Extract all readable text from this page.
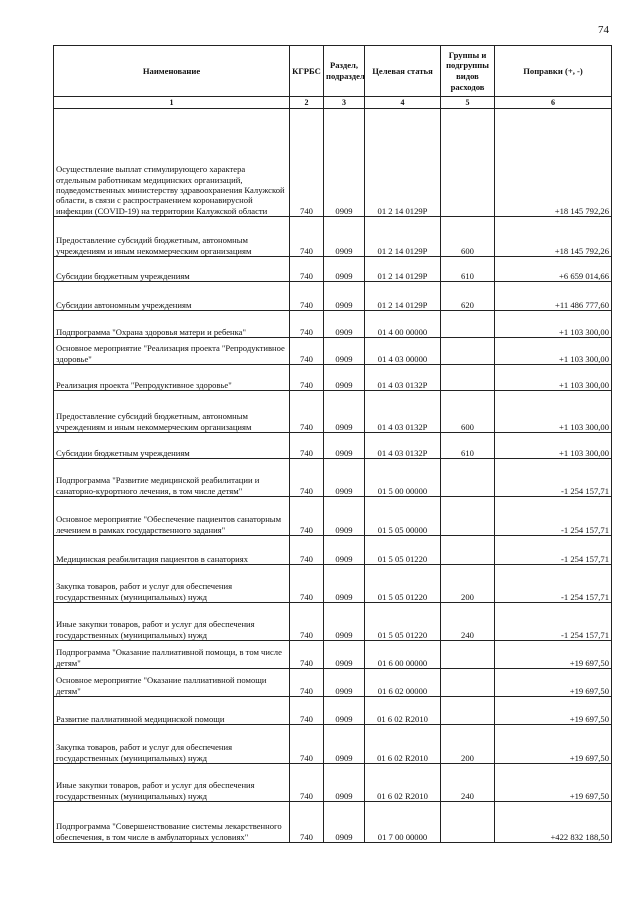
74
Наименование	КГРБС	Раздел, подраздел	Целевая статья	Группы и подгруппы видов расходов	Поправки (+, -)
1	2	3	4	5	6
Осуществление выплат стимулирующего характера отдельным работникам медицинских организаций, подведомственных министерству здравоохранения Калужской области, в связи с распространением коронавирусной инфекции (COVID-19) на территории Калужской области	740	0909	01 2 14 0129Р		+18 145 792,26
Предоставление субсидий бюджетным, автономным учреждениям и иным некоммерческим организациям	740	0909	01 2 14 0129Р	600	+18 145 792,26
Субсидии бюджетным учреждениям	740	0909	01 2 14 0129Р	610	+6 659 014,66
Субсидии автономным учреждениям	740	0909	01 2 14 0129Р	620	+11 486 777,60
Подпрограмма "Охрана здоровья матери и ребенка"	740	0909	01 4 00 00000		+1 103 300,00
Основное мероприятие "Реализация проекта "Репродуктивное здоровье"	740	0909	01 4 03 00000		+1 103 300,00
Реализация проекта "Репродуктивное здоровье"	740	0909	01 4 03 0132Р		+1 103 300,00
Предоставление субсидий бюджетным, автономным учреждениям и иным некоммерческим организациям	740	0909	01 4 03 0132Р	600	+1 103 300,00
Субсидии бюджетным учреждениям	740	0909	01 4 03 0132Р	610	+1 103 300,00
Подпрограмма "Развитие медицинской реабилитации и санаторно-курортного лечения, в том числе детям"	740	0909	01 5 00 00000		-1 254 157,71
Основное мероприятие "Обеспечение пациентов санаторным лечением в рамках государственного задания"	740	0909	01 5 05 00000		-1 254 157,71
Медицинская реабилитация пациентов в санаториях	740	0909	01 5 05 01220		-1 254 157,71
Закупка товаров, работ и услуг для обеспечения государственных (муниципальных) нужд	740	0909	01 5 05 01220	200	-1 254 157,71
Иные закупки товаров, работ и услуг для обеспечения государственных (муниципальных) нужд	740	0909	01 5 05 01220	240	-1 254 157,71
Подпрограмма "Оказание паллиативной помощи, в том числе детям"	740	0909	01 6 00 00000		+19 697,50
Основное мероприятие "Оказание паллиативной помощи детям"	740	0909	01 6 02 00000		+19 697,50
Развитие паллиативной медицинской помощи	740	0909	01 6 02 R2010		+19 697,50
Закупка товаров, работ и услуг для обеспечения государственных (муниципальных) нужд	740	0909	01 6 02 R2010	200	+19 697,50
Иные закупки товаров, работ и услуг для обеспечения государственных (муниципальных) нужд	740	0909	01 6 02 R2010	240	+19 697,50
Подпрограмма "Совершенствование системы лекарственного обеспечения, в том числе в амбулаторных условиях"	740	0909	01 7 00 00000		+422 832 188,50
